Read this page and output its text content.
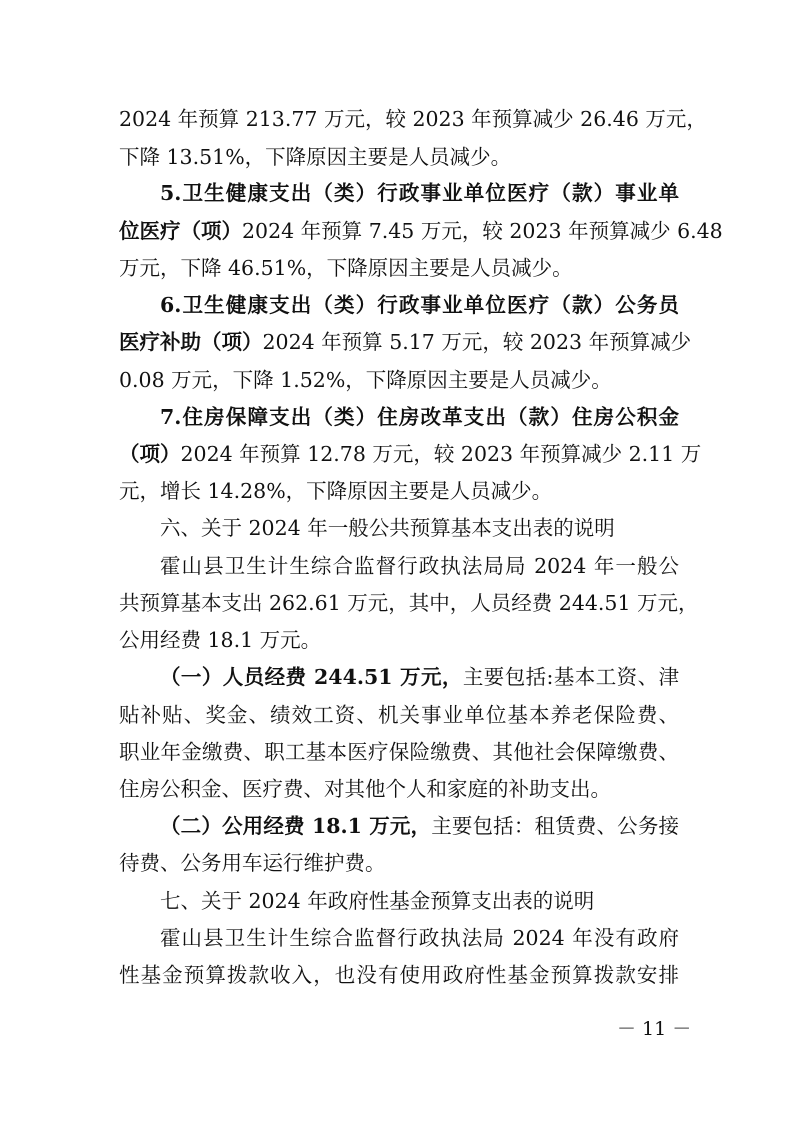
2024 年预算 213.77 万元，较 2023 年预算减少 26.46 万元，
下降 13.51%，下降原因主要是人员减少。
5.卫生健康支出（类）行政事业单位医疗（款）事业单
位医疗（项）2024 年预算 7.45 万元，较 2023 年预算减少 6.48
万元，下降 46.51%，下降原因主要是人员减少。
6.卫生健康支出（类）行政事业单位医疗（款）公务员
医疗补助（项）2024 年预算 5.17 万元，较 2023 年预算减少
0.08 万元，下降 1.52%，下降原因主要是人员减少。
7.住房保障支出（类）住房改革支出（款）住房公积金
（项）2024 年预算 12.78 万元，较 2023 年预算减少 2.11 万
元，增长 14.28%，下降原因主要是人员减少。
六、关于 2024 年一般公共预算基本支出表的说明
霍山县卫生计生综合监督行政执法局局 2024 年一般公
共预算基本支出 262.61 万元，其中，人员经费 244.51 万元，
公用经费 18.1 万元。
（一）人员经费 244.51 万元，主要包括:基本工资、津
贴补贴、奖金、绩效工资、机关事业单位基本养老保险费、
职业年金缴费、职工基本医疗保险缴费、其他社会保障缴费、
住房公积金、医疗费、对其他个人和家庭的补助支出。
（二）公用经费 18.1 万元，主要包括：租赁费、公务接
待费、公务用车运行维护费。
七、关于 2024 年政府性基金预算支出表的说明
霍山县卫生计生综合监督行政执法局 2024 年没有政府
性基金预算拨款收入，也没有使用政府性基金预算拨款安排
－ 11 －
